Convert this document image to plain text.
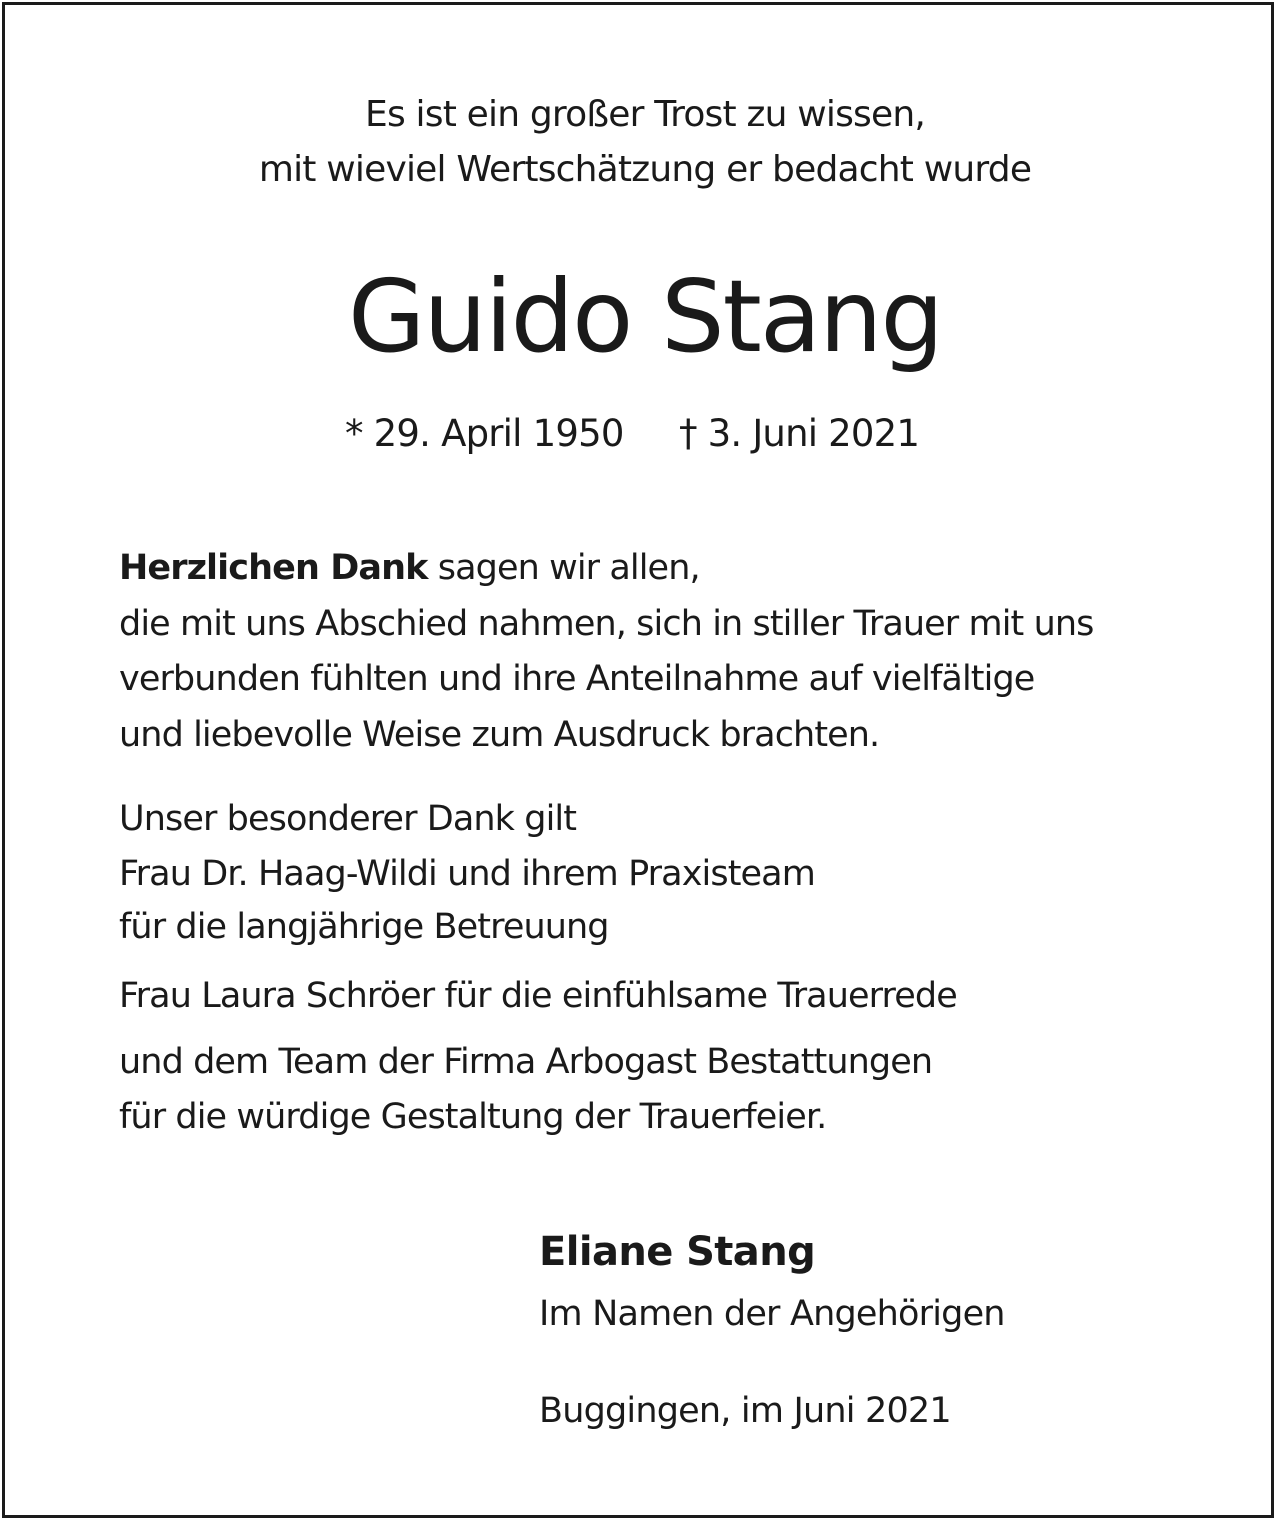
Es ist ein großer Trost zu wissen,
mit wieviel Wertschätzung er bedacht wurde
Guido Stang
* 29. April 1950 † 3. Juni 2021
Herzlichen Dank sagen wir allen,
die mit uns Abschied nahmen, sich in stiller Trauer mit uns
verbunden fühlten und ihre Anteilnahme auf vielfältige
und liebevolle Weise zum Ausdruck brachten.
Unser besonderer Dank gilt
Frau Dr. Haag-Wildi und ihrem Praxisteam
für die langjährige Betreuung
Frau Laura Schröer für die einfühlsame Trauerrede
und dem Team der Firma Arbogast Bestattungen
für die würdige Gestaltung der Trauerfeier.
Eliane Stang
Im Namen der Angehörigen
Buggingen, im Juni 2021
